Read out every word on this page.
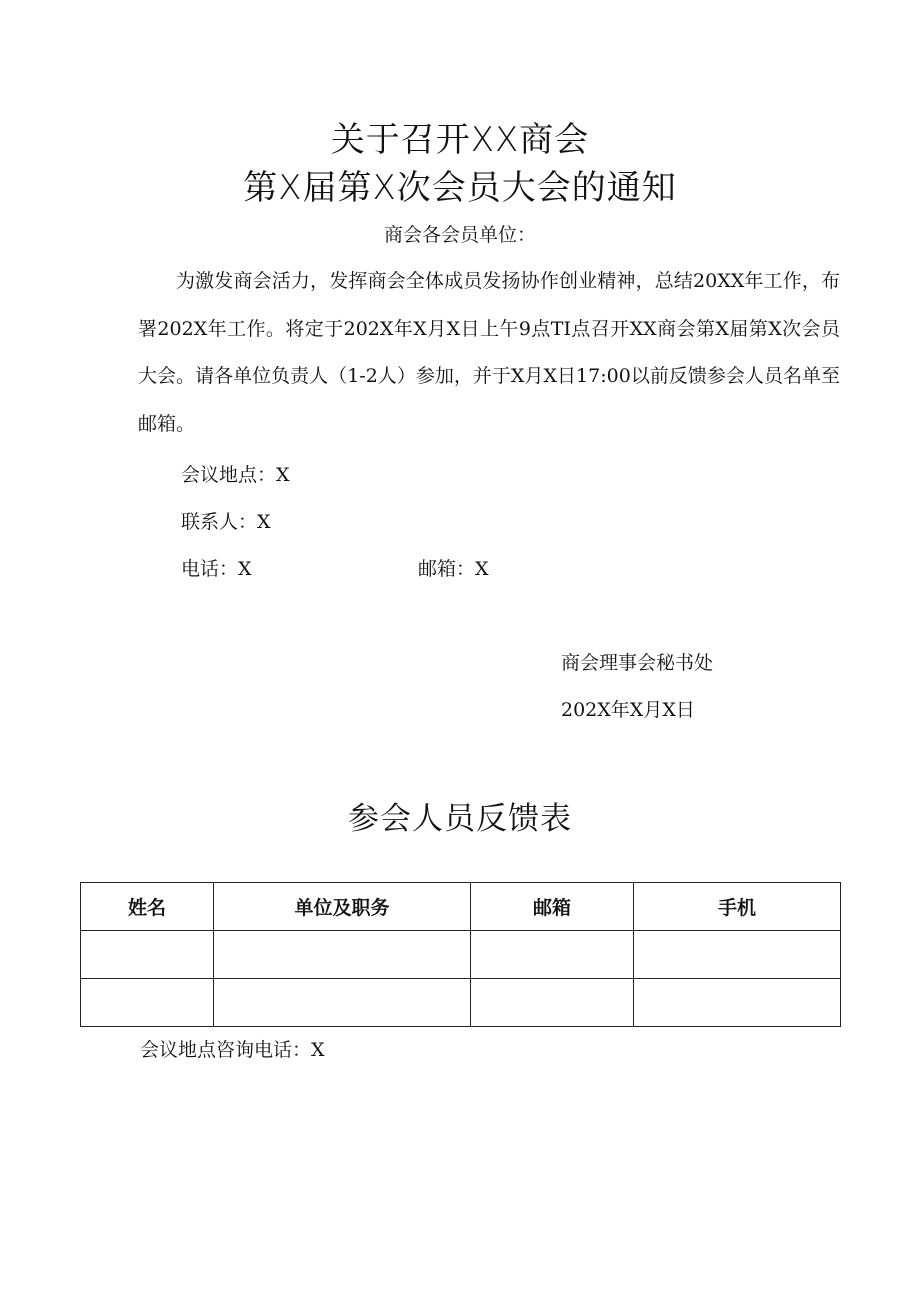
关于召开XX商会
第X届第X次会员大会的通知
商会各会员单位：
为激发商会活力，发挥商会全体成员发扬协作创业精神，总结20XX年工作，布署202X年工作。将定于202X年X月X日上午9点TI点召开XX商会第X届第X次会员大会。请各单位负责人（1-2人）参加，并于X月X日17:00以前反馈参会人员名单至邮箱。
会议地点：X
联系人：X
电话：X	邮箱：X
商会理事会秘书处
202X年X月X日
参会人员反馈表
姓名	单位及职务	邮箱	手机

会议地点咨询电话：X
